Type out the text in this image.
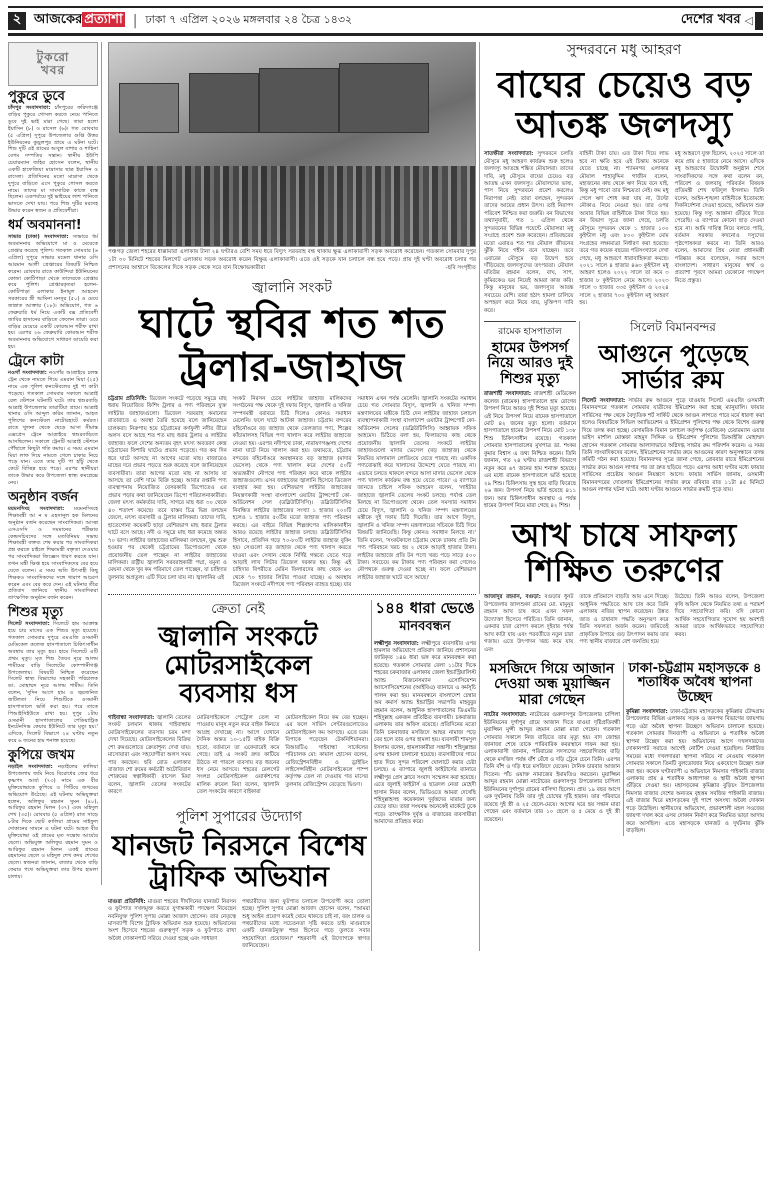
২ আজকের প্রত্যাশা | ঢাকা ৭ এপ্রিল ২০২৬ মঙ্গলবার ২৪ চৈত্র ১৪৩২	দেশের খবর ◁
টুকরো
খবর
পুকুরে ডুবে

চাঁদপুর সংবাদদাতা: চাঁদপুরের ফরিদগঞ্জে বাড়ির পুকুরে গোসল করতে নেমে পানিতে ডুবে দুই ভাই মারা গেছে। তারা হলো ইয়াসিন (৮) ও রাসেল (৬)। গত রোববার (৫ এপ্রিল) দুপুরে উপজেলার গুপ্তি উত্তর ইউনিয়নের কুড়ুলপুর গ্রামে এ ঘটনা ঘটে। শিশু দুটি ওই গ্রামের আবুল বাশার ও শাহিনা বেগম দম্পতির সন্তান। স্থানীয় ইউপি চেয়ারম্যান জহির হোসেন বলেন, স্থানীয় একটি হাফেজিয়া মাদ্রাসার ছাত্র ইয়াসিন ও রাসেল। প্রতিদিনের মতো মাদ্রাসা থেকে দুপুরে বাড়িতে এসে পুকুরে গোসল করতে নামে। তাদের মা সাংসারিক কাজে ব্যস্ত ছিলেন। একপর্যায়ে দুই ভাইয়ের লাশ পানিতে ভাসতে দেখা যায়। পরে শিশু দুটির মরদেহ উদ্ধার করেন স্বজন ও প্রতিবেশীরা।

ধর্ম অবমাননা!

সাভার (ঢাকা) সংবাদদাতা: সাভারে ধর্ম অবমাননার অভিযোগে মা ও মেয়েকে গ্রেপ্তার করেছে পুলিশ। গতকাল সোমবার (৬ এপ্রিল) দুপুরে সাভার মডেল থানার ওসি আরমান আলী গ্রেপ্তারের বিষয়টি নিশ্চিত করেন। রোববার রাতে কাউন্দিয়া ইউনিয়নের কোন্ডা কোটিপাড়া থেকে তাদেরকে গ্রেপ্তার করে পুলিশ। গ্রেপ্তারকৃতরা হলেন- কোটিপাড়া এলাকার ইনামুল আহমেদ সরকারের স্ত্রী আমিনা মনসুর (৫০) ও মেয়ে জান্নাত আক্তার (১৮)। অভিযোগ, গত ৬ ফেব্রুয়ারি ধর্ম নিয়ে একটি বক্স প্রতিবেশী জাবির হাসানের বাড়িতে ফেলেন তারা। ওরে বাড়ির মেয়েরে একটি কোরআন শরীফ রাখা হয়। এরপর ২৬ ফেব্রুয়ারি কোরআন শরীফ অবমাননার অভিযোগে সাধারণ ডায়েরি করা হয়।

ট্রেনে কাটা

নওগাঁ সংবাদদাতা: নওগাঁর আত্রাইয়ে চলন্ত ট্রেন থেকে নামতে গিয়ে এমরান মিয়া (২৫) নামে এক পুলিশ কনস্টেবলের দুই পা কাটা পড়েছে। গতকাল সোমবার সকালে আত্রাই রেল স্টেশনে ঘটনাটি ঘটে। তার শ্বশুরবাড়ি আত্রাই উপজেলার তারাটিয়া গ্রামে। আত্রাই থানার ওসি আব্দুল করিম জানান, আহত পুলিশের কনস্টেবল নাটোরহাটে কর্মরত। রাতে খুলনা থেকে ছেড়ে আসা সীমান্ত এক্সপ্রেস ট্রেনে আত্রাইয়ে শ্বশুরবাড়িতে আসছিলেন। সকালে ট্রেনটি আত্রাই স্টেশনে পৌঁছালে কিছুটা গতি কমায়। এ সময় এমরান মিয়া লাফ দিয়ে নামতে গেলে চাকার নিচে পড়ে যান। এতে তার দুটি পা হাঁটু থেকে কেটে বিচ্ছিন্ন হয়ে পড়ে। এরপর স্থানীয়রা তাকে উদ্ধার করে উপজেলা স্বাস্থ্য কমপ্লেক্সে নেয়।

অনুষ্ঠান বর্জন

ময়মনসিংহ সংবাদদাতা: ময়মনসিংহে শিক্ষামন্ত্রী আ ন ম এহসানুল হক মিলনের অনুষ্ঠান বর্জন করেছেন সাংবাদিকরা। আসন্ন এসএসসি ও সমমানের পরীক্ষার কেন্দ্রসচিবদের সঙ্গে মতবিনিময় সভায় শিক্ষামন্ত্রী বক্তব্য শেষ করার পর সাংবাদিকরা প্রশ্ন করতে চাইলে শিক্ষামন্ত্রী বক্তৃতা দেওয়ার পর সাংবাদিকরা জিজ্ঞেস ধারণ করতে যান। তখন মন্ত্রী ক্ষিপ্ত হয়ে সাংবাদিকদের বের হয়ে যেতে বলেন। এ সময় অতি উৎসাহী কিছু শিক্ষকও সাংবাদিকদের সঙ্গে খারাপ আচরণ করেন এবং বের করে দেন। এই ঘটনার তীব্র প্রতিবাদ জানিয়ে স্থানীয় সাংবাদিকরা তাৎক্ষণিক অনুষ্ঠান বর্জন করেন।

শিশুর মৃত্যু

সিলেট সংবাদদাতা: সিলেটে হাম আক্রান্ত হয়ে চার মাসের এক শিশুর মৃত্যু হয়েছে। গতকাল সোমবার দুপুরে এমএজি ওসমানী মেডিকেল কলেজ হাসপাতালে চিকিৎসাধীন অবস্থায় তার মৃত্যু হয়। হামে সিলেটে এটি প্রথম মৃত্যু। মৃত শিশু তৈয়ব নূরে আলম শামীমের বাড়ি সিলেটের কোম্পানীগঞ্জ উপজেলায়। বিষয়টি নিশ্চিত করেছেন সিলেট স্বাস্থ্য বিভাগের সহকারী পরিচালক ডা. মোহাম্মদ নূরে আলম শামীম। তিনি বলেন, 'দুদিন আগে হাম ও জ্বরজনিত জটিলতা নিয়ে শিশুটিকে ওসমানী হাসপাতালে ভর্তি করা হয়। পরে তাকে পিআইসিইউতে রাখা হয়। দুপুর ১টায় ওসমানী হাসপাতালের পেডিয়াট্রিক ইনটেনসিভ কেয়ার ইউনিটে তার মৃত্যু হয়।' এদিকে, সিলেট বিভাগে ২৪ ঘণ্টায় নতুন করে ৬ জনের হাম শনাক্ত হয়েছে।

কুপিয়ে জখম

নড়াইল সংবাদদাতা: নড়াইলের কালিয়া উপজেলায় জমি নিয়ে বিরোধের জের ধরে কৃষ্ণপদ আর্য্য (৭৩) নামে এক বীর মুক্তিযোদ্ধাকে কুপিয়ে ও পিটিয়ে জখমের অভিযোগ উঠেছে। এই ঘটনায় অভিযুক্তরা হলেন, অলিফুর রহমান সুমন (৪০), আরিফুর রহমান মিলন (৩৭) এবং মহিদুল শেখ (৩৫)। রোববার (৫ এপ্রিল) রাত সাড়ে ৮টার দিকে ছোট কালিয়া গ্রামের সাইফুল দোকানের সামনে এ ঘটনা ঘটে। আহত বীর মুক্তিযোদ্ধা ওই গ্রামের মৃত সন্তোষ আর্য্যের ছেলে। অভিযুক্ত অলিফুর রহমান সুমন ও আরিফুর রহমান মিলন একই গ্রামের রহমানের ছেলে ও মহিদুল শেখ কদর শেখের ছেলে। স্বজনরা জানান, বাজার থেকে বাড়ি ফেরার পথে অভিযুক্তরা তার উপর হামলা চালায়।

পঞ্চগড় জেলা শহরের ধাক্কামারা এলাকায় টানা ২৪ ঘণ্টারও বেশি সময় ধরে বিদ্যুৎ সরবরাহ বন্ধ থাকায় ক্ষুব্ধ এলাকাবাসী সড়ক অবরোধ করেছেন। গতকাল সোমবার দুপুর ১টা ৩০ মিনিটে শহরের মিলগেট এলাকায় সড়ক অবরোধ করেন বিক্ষুব্ধ এলাকাবাসী। এতে ওই সড়কে যান চলাচল বন্ধ হয়ে পড়ে। প্রায় দুই ঘণ্টা অবরোধ চলার পর প্রশাসনের আশ্বাসে বিকেলের দিকে সড়ক থেকে সরে যান বিক্ষোভকারীরা	-ছবি সংগৃহীত
জ্বালানি সংকট
ঘাটে স্থবির শত শত
ট্রলার-জাহাজ

চট্টগ্রাম প্রতিনিধি: ডিজেল সংকটে পড়েছে সমুদ্রে মাছ ধরায় নিয়োজিত ফিশিং ট্রলার ও পণ্য পরিবহনে যুক্ত লাইটার জাহাজগুলো। ডিজেল সরবরাহ কমানোর রাতারাতে এ অবস্থা তৈরি হয়েছে বলে জানিয়েছেন চালকরা। নিরুপায় হয়ে চট্টগ্রামের কর্ণফুলী নদীর তীরে অলস বসে আছে শত শত মাছ ধরার ট্রলার ও লাইটার জাহাজ। ফলে দেশের অন্যতম বৃহৎ মৎস্য অবতরণ কেন্দ্র চট্টগ্রামের ফিশারি ঘাটেও প্রভাব পড়েছে। গত কয় দিন ধরে ঘাটে আসছে না আগের মতো মাছ। বাজারেও মাছের দরে প্রভাব পড়তে শুরু করেছে বলে জানিয়েছেন ব্যবসায়ীরা। তারা আগের মতো মাছ না আসায় যা আসছে তা বেশি দামে বিক্রি হচ্ছে। আবার রপ্তানি পণ্য ব্যবস্থাপনায় নিয়োজিত বেসরকারি ডিপোতেও এর প্রভাব পড়ার কথা জানিয়েছেন ডিপো পরিচালনাকারীরা। জেলা মৎস্য কর্মকর্তার দাবি, সাগরে মাছ ধরা ৩০ থেকে ৪০ শতাংশ কমেছে। তবে বাস্তব চিত্র ভিন্ন বলছেন জেলে, মৎস্য ব্যবসায়ী ও ট্রলার মালিকরা। তাদের দাবি, হাতেগোনা কয়েকটি ছাড়া বেশিরভাগ মাছ ধরার ট্রলার ঘাটে বসে আছে। নদী ও সমুদ্রে মাছ ধরা কমেছে অন্তত ৭০ ভাগ। লাইটার জাহাজের মালিকরা বলছেন, যুদ্ধ শুরু হওয়ার পর থেকেই চট্টগ্রামের ডিপোগুলো থেকে প্রয়োজনীয় তেল পাচ্ছেন না লাইটার জাহাজের মালিকরা। রাষ্ট্রীয় জ্বালানি সরবরাহকারী পদ্মা, যমুনা ও মেঘনা থেকে খুব কম পরিমাণে তেল পাচ্ছেন, যা চাহিদার তুলনায় অপ্রতুল। এটি দিয়ে চলা যায় না। জ্বালানির এই

সংকট নিরসন চেয়ে লাইটার জাহাজ মালিকদের সংগঠনের পক্ষ থেকে দুই দফায় বিদ্যুৎ, জ্বালানি ও খনিজ সম্পদমন্ত্রী বরাবরে চিঠি দিলেও কোনও সমাধান মেলেনি। ফলে ঘাটে আটকা জাহাজ। চট্টগ্রাম বন্দরের বহির্নোঙরে বড় জাহাজ থেকে তেলজাত পণ্য, শিল্পের কাঁচামালসহ বিভিন্ন পণ্য খালাস করে লাইটার জাহাজে নেওয়া হয়। এরপর নদীপথে ঢাকা, নারায়ণগঞ্জসহ দেশের নানা ঘাটে নিয়ে খালাস করা হয়। তথ্যমতে, চট্টগ্রাম বন্দরের বহির্নোঙরে অবস্থানরত বড় জাহাজ (মাদার ভেসেল) থেকে পণ্য খালাস করে দেশের ৫০টি অভ্যন্তরীণ নৌপথে পণ্য পরিবহন করে থাকে লাইটার জাহাজগুলো। এসব জাহাজের জ্বালানি হিসেবে ডিজেল ব্যবহার করা হয়। বেশিরভাগ লাইটার জাহাজের নিয়ন্ত্রণকারী সংস্থা বাংলাদেশ ওয়াটার ট্রান্সপোর্ট কো-অর্ডিনেশন সেল (ডব্লিউটিসিসি)। ডব্লিউটিসিসির নিবন্ধিত লাইটার জাহাজের সংখ্যা ১ হাজার ২০০টি হলেও ১ হাজার ৫০টির মতো জাহাজ পণ্য পরিবহন করছে। এর বাইরে বিভিন্ন শিল্পগ্রুপের মালিকানাধীন আরও রয়েছে লাইটার জাহাজ চলছে। ডব্লিউটিসিসির হিসাবে, প্রতিদিন গড়ে ৭০-৮০টি লাইটার জাহাজ বুকিং হয়। সেগুলো বড় জাহাজ থেকে পণ্য খালাস করতে যাওয়া এবং সেখান থেকে নির্দিষ্ট গন্তব্যে যেতে গড়ে আড়াই লাখ লিটার ডিজেল দরকার হয়। কিন্তু এই চাহিদার বিপরীতে মেরিন ফিলারদের কাছ থেকে ৬০ থেকে ৭০ হাজার লিটার পাওয়া যাচ্ছে। এ অবস্থায় ডিজেল সংকটে নদীপথে পণ্য পরিবহন ব্যাহত হচ্ছে। যার

সমাধান এখন পর্যন্ত মেলেনি। জ্বালানি সংকটের সমাধান চেয়ে গত সোমবার বিদ্যুৎ, জ্বালানি ও খনিজ সম্পদ মন্ত্রণালয়ের মন্ত্রীকে চিঠি দেন লাইটার জাহাজ চলাচল ব্যবস্থাপনাকারী সংস্থা বাংলাদেশ ওয়াটার ট্রান্সপোর্ট কো-অর্ডিনেশন সেলের (ডব্লিউটিসিসি) আহ্বায়ক সফিক আহমেদ। চিঠিতে বলা হয়, ফিলারদের কাছ থেকে প্রয়োজনীয় জ্বালানি তেলের সংকটে লাইটার জাহাজগুলো মাদার ভেসেল (বড় জাহাজ) থেকে নিয়মিত মালামাল লোডিংয়ে যেতে পারছে না। একদিক পণ্যবোঝাই করে খালাসের উদ্দেশ্যে যেতে পারছে না। এভাবে চলতে থাকলে বন্দরে আসা মাদার ভেসেল থেকে পণ্য খালাস কার্যক্রম বন্ধ হয়ে যেতে পারে।' এ ব্যাপারে জানতে চাইলে সফিক আহমেদ বলেন, 'লাইটার জাহাজে জ্বালানি তেলের সংকট চলছে। পর্যাপ্ত তেল মিলছে না ডিপোগুলো থেকে। তেল সমস্যার সমাধান চেয়ে বিদ্যুৎ, জ্বালানি ও খনিজ সম্পদ মন্ত্রণালয়ের মন্ত্রীকে দুই দফায় চিঠি দিয়েছি। তার আগে বিদ্যুৎ, জ্বালানি ও খনিজ সম্পদ মন্ত্রণালয়ের সচিবকে চিঠি দিয়ে বিষয়টি জানিয়েছি। কিন্তু কোনও সমাধান মিলছে না।' তিনি বলেন, 'সংকটকালে চট্টগ্রাম থেকে ঢাকায় প্রতি টন পণ্য পরিবহনে খরচ হয় ২ থেকে আড়াই হাজার টাকা। লাইটার জাহাজে প্রতি টন পণ্যে খরচ পড়ে সাড়ে ৫০০ টাকা। সবচেয়ে কম টাকায় পণ্য পরিবহন করা গেলেও নৌপথকে গুরুত্ব দেওয়া হচ্ছে না। ফলে বেশিরভাগ লাইটার জাহাজ ঘাটে বসে আছে।'

সুন্দরবনে মধু আহরণ
বাঘের চেয়েও বড়
আতঙ্ক জলদস্যু

সাতক্ষীরা সংবাদদাতা: সুন্দরবনে চলতি মৌসুমে মধু আহরণ কার্যক্রম শুরু হলেও জলদস্যু আতঙ্কে শঙ্কিত মৌয়ালরা। তাদের দাবি, মধু মৌসুমে বাঘের চেয়েও বড় আতঙ্ক এখন জলদস্যু। মৌয়ালদের ভাষ্য, পাস নিয়ে সুন্দরবনে প্রবেশ করলেও নিরাপত্তা নেই। তারা বলছেন, সুন্দরবন তাদের আয়ের প্রধান উৎস। তাই নিরাপদ পরিবেশ নিশ্চিত করা জরুরি। বন বিভাগের তথ্যানুযায়ী, গত ১ এপ্রিল থেকে সুন্দরবনের বিভিন্ন পয়েন্টে মৌয়ালরা মধু সংগ্রহে প্রবেশ শুরু করেছেন। প্রতিবছরের মতো এবারও শত শত মৌয়াল জীবনের ঝুঁকি নিয়ে গহীন বনে যাচ্ছেন। তবে এবারের মৌসুমে বড় উদ্বেগ হয়ে দাঁড়িয়েছে জলদস্যুদের তৎপরতা। মৌয়াল মতিউর রহমান বলেন, বাঘ, সাপ, কুমিরকেও ভয় নিয়েই আমরা কাজ করি। কিন্তু মানুষের ভয়, জলদস্যুর আতঙ্ক সবচেয়ে বেশি। তারা হঠাৎ হামলা চালিয়ে অপহরণ করে নিয়ে যায়, মুক্তিপণ দাবি করে।

বাহিনী টাকা চায়। এত টাকা দিয়ে লাভ হবে না ক্ষতি হবে এই চিন্তায় অনেকে যেতে চাচ্ছে না। শ্যামনগর এলাকার মৌয়াল শাহাবুদ্দিন গাজীন বলেন, মহাজনের কাছ থেকে ঋণ নিয়ে বনে যাই, কিন্তু মধু পাবো তার নিশ্চয়তা নেই। কম মধু পেলে ঋণ শোধ করা যায় না, উল্টো নৌকাও নিয়ে নেওয়া হয়। তার ওপর আবার বিভিন্ন বাহিনীকে টাকা দিতে হয়। বন বিভাগ সূত্রে জানা গেছে, চলতি মৌসুমে সুন্দরবন থেকে ১ হাজার ১০০ কুইন্টাল মধু এবং ৮০০ কুইন্টাল মোম সংগ্রহের লক্ষ্যমাত্রা নির্ধারণ করা হয়েছে। তবে গত কয়েক বছরের পরিসংখ্যানে দেখা গেছে, মধু আহরণে ধারাবাহিকতা কমছে। ২০২১ সালে ৪ হাজার ৪৬৩ কুইন্টাল মধু আহরণ হলেও ২০২২ সালে তা কমে ৩ হাজার ৮ কুইন্টালে নেমে আসে। ২০২৩ সালে ৩ হাজার ৩৩৫ কুইন্টাল ও ২০২৪ সালে ২ হাজার ৭০০ কুইন্টাল মধু আহরণ হয়।

মধু আহরণে যুক্ত ছিলেন, ২০২৫ সালে তা কমে প্রায় ৫ হাজারে নেমে আসে। এদিকে মধু আহরণের উদ্বোধনী অনুষ্ঠান শেষে সাংবাদিকদের সঙ্গে কথা বলেন বন, পরিবেশ ও জলবায়ু পরিবর্তন বিষয়ক প্রতিমন্ত্রী শেখ ফরিদুল ইসলাম। তিনি বলেন, আইন-শৃঙ্খলা বাহিনীকে ইতোমধ্যে দিকনির্দেশনা দেওয়া হয়েছে, অভিযান শুরু হয়েছে। কিন্তু দস্যু আস্তানা গুঁড়িয়ে দিতে পেরেছি। এ ব্যাপারে কোনো ছাড় দেওয়া হবে না। আমি দায়িত্ব নিয়ে বলতে পারি, বর্তমান সরকার কখনোও দস্যুদের পৃষ্ঠপোষকতা করবে না। তিনি আরও বলেন, আমাদের প্রিয় নেতা প্রধানমন্ত্রী পরিষ্কার করে বলেছেন, সবার আগে বাংলাদেশ। সাধারণ মানুষের স্বার্থ ও প্রত্যাশা পূরণে আমরা যেকোনো পদক্ষেপ নিতে প্রস্তুত।

রামেক হাসপাতাল
হামের উপসর্গ নিয়ে আরও দুই শিশুর মৃত্যু

রাজশাহী সংবাদদাতা: রাজশাহী মেডিকেল কলেজ (রামেক) হাসপাতালে হাম রোগের উপসর্গ নিয়ে আরও দুই শিশুর মৃত্যু হয়েছে। এই নিয়ে উপসর্গ নিয়ে রামেক হাসপাতালে মোট ৪২ জনের মৃত্যু হলো। বর্তমানে হাসপাতালে হামের উপসর্গ নিয়ে মোট ১৩৮ শিশু চিকিৎসাধীন রয়েছে। গতকাল সোমবার হাসপাতালের মুখপাত্র ডা. শংকর কুমার বিশ্বাস এ তথ্য নিশ্চিত করেন। তিনি জানান, গত ২৪ ঘণ্টায় রাজশাহী বিভাগে নতুন করে ৬৭ জনের হাম শনাক্ত হয়েছে। এর মধ্যে রামেক হাসপাতালে ভর্তি হয়েছে ২৯ শিশু। চিকিৎসায় সুস্থ হয়ে বাড়ি ফিরেছে ২৬ জন। উপসর্গ নিয়ে ভর্তি হয়েছে ৪১১ জন। আর চিকিৎসাধীন অবস্থায় এ পর্যন্ত হামের উপসর্গ নিয়ে মারা গেছে ৪২ শিশু।

সিলেট বিমানবন্দর
আগুনে পুড়েছে
সার্ভার রুম

সিলেট সংবাদদাতা: সার্ভার রুম আগুনে পুড়ে যাওয়ায় সিলেট এমএজি ওসমানী বিমানবন্দরে গতকাল সোমবার যাত্রীদের ইমিগ্রেশন করা হচ্ছে ম্যানুয়ালি। ফায়ার সার্ভিসের পক্ষ থেকে বৈদ্যুতিক শর্ট সার্কিট থেকে আগুন লাগতে পারে মর্মে ধারণা করা হলেও বিষয়টিকে সিভিল অ্যাভিয়েশন ও ইমিগ্রেশন পুলিশের পক্ষ থেকে বিশেষ গুরুত্ব দিয়ে তদন্ত করা হচ্ছে। বেসামরিক বিমান চলাচল কর্তৃপক্ষ (বেবিচক) চেয়ারম্যান এয়ার ভাইস মার্শাল মোস্তফা মাহমুদ সিদ্দিক ও ইমিগ্রেশন পুলিশের ডিআইজি মোহাম্মদ হোসেন গতকাল সোমবার আলাদাভাবে অগ্নিদগ্ধ সার্ভার রুম পরিদর্শন করেন। এ সময় তিনি সাংবাদিকদের বলেন, ইমিগ্রেশনের সার্ভার রুমে আগুনের কারণ অনুসন্ধানে তদন্ত কমিটি গঠন করা হয়েছে। বিমানবন্দর সূত্রে জানা গেছে, রোববার রাতে ইমিগ্রেশনের সার্ভার রুমে আগুন লাগার পর তা দ্রুত ছড়িয়ে পড়ে। এরপর আধা ঘণ্টার মধ্যে ফায়ার সার্ভিসের প্রচেষ্টায় আগুন নিয়ন্ত্রণে আসে। ফায়ার সার্ভিস জানায়, ওসমানী বিমানবন্দরের দোতলায় ইমিগ্রেশনের সার্ভার রুমে রবিবার রাত ১১টা ৪৫ মিনিটে আগুন লাগার ঘটনা ঘটে। আধা ঘণ্টার আগুনে সার্ভার রুমটি পুড়ে যায়।

আখ চাষে সাফল্য
শিক্ষিত তরুণের

আজাদুর রহমান, বগুড়া: বগুড়ার ধুনট উপজেলার জালশুকা গ্রামের মো. মামুনুর রহমান আখ চাষ করে এখন সফল উদ্যোক্তা হিসেবে পরিচিত। তিনি জানান, একবার চারা রোপণ করলে দুইবার পর্যন্ত আখ কাটা যায় এবং পরবর্তীতে নতুন চারা গজায়। এতে উৎপাদন খরচ কমে যায় এবং

তাকে প্রতিমাসে বাড়তি আয় এনে দিচ্ছে। আধুনিক পদ্ধতিতে আখ চাষ করে তিনি এলাকায় নজির স্থাপন করেছেন। উন্নত জাত ও চাষাবাদ পদ্ধতি অনুসরণ করে তিনি সফলতা অর্জন করেন। জমিতেই প্রাকৃতিক উপায়ে গুড় উৎপাদন করায় তার পণ্য স্থানীয় বাজারে বেশ জনপ্রিয় হয়ে

উঠেছে। তিনি আরও বলেন, উপজেলা কৃষি অফিস থেকে নিয়মিত তথ্য ও পরামর্শ দিয়ে সহযোগিতা করি। যদি কোনো আর্থিক সহযোগিতার সুযোগ হয় অবশ্যই আমরা তাকে আর্থিকভাবে সহযোগিতা করব।

ক্রেতা নেই
জ্বালানি সংকটে মোটরসাইকেল
ব্যবসায় ধস

গাইবান্ধা সংবাদদাতা: জ্বালানি তেলের সংকট চলমান থাকায় গাইবান্ধায় মোটরসাইকেলের ব্যবসায় চরম মন্দা দেখা দিয়েছে। মোটরসাইকেলের বিক্রির শো রুমগুলোতে ক্রেতাশূন্য দেখা যায়। মাসোয়ারা এবং সহযোগীরা অলস সময় পার করছেন। ছবি রোড এলাকার বাজাজ শো রুমের কর্মচারী অটোবিতান শোরুমের স্বত্বাধিকারী রাসেল মিয়া বলেন, জ্বালানি তেলের সংকটের কারণে

মোটরসাইকেলে পেট্রোল তেল না পাওয়ায় মানুষ নতুন করে বাইক কিনতে আগ্রহ দেখাচ্ছে না। আগে যেখানে দৈনিক অন্তত ১০-১৫টি বাইক বিক্রি হতো, বর্তমানে তা একেবারেই কমে গেছে। তাই এ সংকট দ্রুত কাটিয়ে উঠতে না পারলে ব্যবসায় বড় ধরনের ধস নেমে আসবে। শহরের রেলগেট সংলগ্ন মোটরসাইকেল ওয়ার্কশপের মালিক রুবেল মিয়া বলেন, জ্বালানি তেল সংকটের কারণে বাইকারা

মোটরসাইকেল নিয়ে কম বের হচ্ছেন। এর ফলে সার্ভিস সেন্টারগুলোতেও মোটরসাইকেল কম আসছে। এতে চরম বিপাকে পড়েছেন টেকনিশিয়ানরা। বিআরটিএ গাইবান্ধা সার্কেলের পরিচালক মো: কামাল হোসেন বলেন, রেজিস্ট্রেশনবিহীন ও ড্রাইভিং লাইসেন্সবিহীন মোটরসাইকেলে পাম্প কর্তৃপক্ষ তেল না দেওয়ায় গত মাসের তুলনায় রেজিস্ট্রেশন বেড়েছে দ্বিগুণ।

১৪৪ ধারা ভেঙে
মানববন্ধন

লক্ষ্মীপুর সংবাদদাতা: লক্ষ্মীপুরে ব্যবসায়ীর ওপর হামলার অভিযোগে প্রতিবাদ জানিয়ে প্রশাসনের জারিকৃত ১৪৪ ধারা ভঙ্গ করে মানববন্ধন করা হয়েছে। গতকাল সোমবার বেলা ১১টার দিকে শহরের চকবাজার এলাকায় জেলা ইন্ডাস্ট্রিয়ালিস্ট অ্যান্ড বিজনেসম্যান এসোসিয়েশন অ্যাসোসিয়েশনের (আইবিএ) ব্যানারে এ কর্মসূচি পালন করা হয়। মানববন্ধনে বাংলাদেশ চেম্বার অব কমার্স অ্যান্ড ইন্ডাস্ট্রির সভাপতি মাহবুবুর রহমান বলেন, আধুনিক হাসপাতালের ডিএমডি শহিদুল্লাহ একজন প্রতিষ্ঠিত ব্যবসায়ী। চকবাজার এলাকায় তার অফিস রয়েছে। প্রতিদিনের মতো তিনি চকবাজার মসজিদে আছর নামাজ পড়ে বের হলে তার ওপর হামলা হয়। ব্যবসায়ী শামসুল ইসলাম বলেন, হামলাকারীরা সন্ত্রাসী। শহিদুল্লাহর ওপর হামলা চালানো হয়েছে। ব্যবসায়ীদের গায়ে হাত দিয়ে সুন্দর পরিবেশ ঘোলাটে করার চেষ্টা চলছে। এ ব্যাপারে জুলাই ফাইটার্সের ব্যানারে লক্ষ্মীপুর প্রেস ক্লাবে সংবাদ সম্মেলন করা হয়েছে। এতে জুলাই ফাইটার্স ও ছাত্রদল নেতা মেহেদী হাসান নিরব বলেন, ভিডিওতে আমরা দেখেছি শহিদুল্লাহসহ কয়েকজন দুর্বৃত্তদের মারার জন্য তেড়ে যায়। তারা সংঘবদ্ধ অনেকেই মার্কেটে ঢুকে পড়ে। তাৎক্ষণিক দুর্বৃত্ত ও বাজারের ব্যবসায়ীরা আমাদের প্রতিহত করে।

পুলিশ সুপারের উদ্যোগ
যানজট নিরসনে বিশেষ
ট্রাফিক অভিযান

মাগুরা প্রতিনিধি: মাগুরা শহরের দীর্ঘদিনের যানজট নিরসন ও ফুটপাত দখলমুক্ত করতে যুগান্তকারী পদক্ষেপ নিয়েছেন নবনিযুক্ত পুলিশ সুপার মোল্লা আজাদ হোসেন। তার নেতৃত্বে মাসব্যাপী বিশেষ ট্রাফিক অভিযান শুরু হয়েছে। অভিযানের অংশ হিসেবে শহরের গুরুত্বপূর্ণ সড়ক ও ফুটপাতে রাখা অবৈধ দোকানপাট সরিয়ে দেওয়া হচ্ছে এবং সাধারণ

পথচারীদের জন্য ফুটপাত চলাচল উপযোগী করে তোলা হচ্ছে। পুলিশ সুপার মোল্লা আজাদ হোসেন বলেন, "আমরা শুধু আইন প্রয়োগ করেই থেমে থাকতে চাই না, বরং চালক ও পথচারীদের মধ্যে সচেতনতা সৃষ্টি করতে চাই। মাগুরাকে একটি যানজটমুক্ত শহর হিসেবে গড়ে তুলতে সবার সহযোগিতা প্রয়োজন।" শহরবাসী এই উদ্যোগকে স্বাগত জানিয়েছেন।

মসজিদে গিয়ে আজান দেওয়া অন্ধ মুয়াজ্জিন মারা গেছেন

নাটোর সংবাদদাতা: নাটোরের গুরুদাসপুর উপজেলার চাপিলা ইউনিয়নের দুর্গাপুর গ্রামে আজান দিতে যাওয়া দৃষ্টিপ্রতিবন্ধী মুয়াজ্জিন মুন্সী আব্দুর রহমান মোল্লা মারা গেছেন। গতকাল সোমবার সকালে নিজ বাড়িতে তার মৃত্যু হয়। বাদ জোহর জানাজা শেষে তাকে পারিবারিক কবরস্থানে দাফন করা হয়। এলাকাবাসী জানান, পরিবারের সদস্যদের সহযোগিতায় বাড়ি থেকে মসজিদ পর্যন্ত বাঁশ বেঁধে ও দড়ি ট্রেনে চেনে তিনি। এরপর তিনি বাঁশ ও দড়ি ধরে মসজিদে যেতেন। দৈনিক চারবার আজান দিতেন। পাঁচ ওয়াক্ত নামাজের ইমামতিও করতেন। মুয়াজ্জিন আব্দুর রহমান মোল্লা নাটোরের গুরুদাসপুর উপজেলার চাপিলা ইউনিয়নের দুর্গাপুর গ্রামের বাসিন্দা ছিলেন। প্রায় ১৯ বছর আগে এক দুর্ঘটনায় তিনি তার দুই চোখের দৃষ্টি হারান। তার পরিবারে রয়েছে দুই স্ত্রী ও ২৫ ছেলে-মেয়ে। আগের ঘরে ছয় সন্তান মারা গেছেন এবং বর্তমানে তার ১০ ছেলে ও ৫ মেয়ে ও দুই স্ত্রী রয়েছেন।

ঢাকা-চট্টগ্রাম মহাসড়কে ৪ শতাধিক অবৈধ স্থাপনা উচ্ছেদ

কুমিল্লা সংবাদদাতা: ঢাকা-চট্টগ্রাম মহাসড়কের কুমিল্লার চৌদ্দগ্রাম উপজেলার বিভিন্ন এলাকায় সড়ক ও জনপথ বিভাগের জায়গায় গড়ে ওঠা অবৈধ স্থাপনা উচ্ছেদে অভিযান চালানো হয়েছে। গতকাল সোমবার দিনব্যাপী এ অভিযানে ৪ শতাধিক অবৈধ স্থাপনা উচ্ছেদ করা হয়। অভিযানের আগে দখলদারদের দোকানপাট সরাতে আগেই নোটিশ দেওয়া হয়েছিল। নির্ধারিত সময়ের মধ্যে দখলদাররা স্থাপনা সরিয়ে না নেওয়ায় গতকাল সোমবার সকালে তিনটি বুলডোজার নিয়ে একযোগে উচ্ছেদ শুরু করা হয়। কয়েক ঘণ্টাব্যাপী এ অভিযানে নিমসার পাইকারি বাজার এলাকায় প্রায় ৪ শতাধিক আধাপাকা ও স্থায়ী অবৈধ স্থাপনা গুঁড়িয়ে দেওয়া হয়। মহাসড়কের কুমিল্লার বুড়িচং উপজেলার নিমসার বাজার দেশের অন্যতম বৃহত্তম সবজির পাইকারি বাজার। এই বাজার ঘিরে মহাসড়কের দুই পাশে অসংখ্য অবৈধ দোকান গড়ে উঠেছিল। স্থানীয়দের অভিযোগ, প্রভাবশালী মহল সওজের জায়গা দখল করে এসব দোকান নির্মাণ করে নিয়মিত ভাড়া আদায় করে আসছিল। এতে মহাসড়কে যানজট ও দুর্ঘটনার ঝুঁকি বাড়ছিল।
